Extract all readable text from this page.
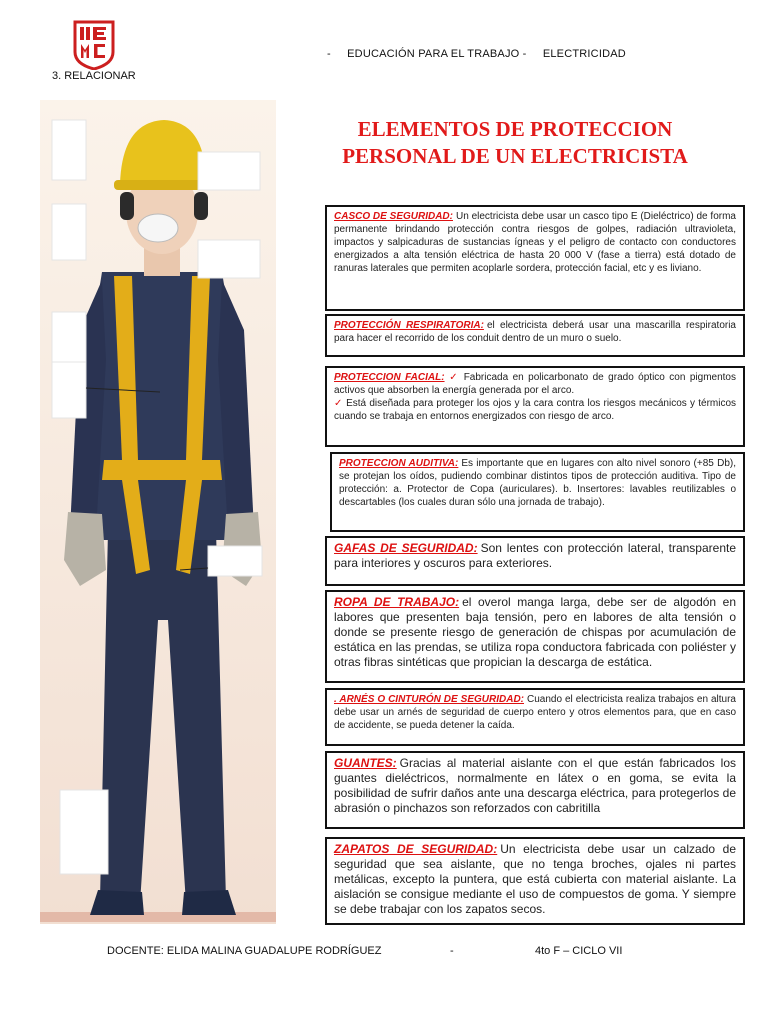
3. RELACIONAR
-     EDUCACIÓN PARA EL TRABAJO -     ELECTRICIDAD
ELEMENTOS DE PROTECCION
PERSONAL DE UN ELECTRICISTA
CASCO DE SEGURIDAD: Un electricista debe usar un casco tipo E (Dieléctrico) de forma permanente brindando protección contra riesgos de golpes, radiación ultravioleta, impactos y salpicaduras de sustancias ígneas y el peligro de contacto con conductores energizados a alta tensión eléctrica de hasta 20 000 V (fase a tierra) está dotado de ranuras laterales que permiten acoplarle sordera, protección facial, etc y es liviano.
PROTECCIÓN RESPIRATORIA: el electricista deberá usar una mascarilla respiratoria para hacer el recorrido de los conduit dentro de un muro o suelo.
PROTECCION FACIAL: ✓ Fabricada en policarbonato de grado óptico con pigmentos activos que absorben la energía generada por el arco.
✓ Está diseñada para proteger los ojos y la cara contra los riesgos mecánicos y térmicos cuando se trabaja en entornos energizados con riesgo de arco.
PROTECCION AUDITIVA: Es importante que en lugares con alto nivel sonoro (+85 Db), se protejan los oídos, pudiendo combinar distintos tipos de protección auditiva. Tipo de protección: a. Protector de Copa (auriculares). b. Insertores: lavables reutilizables o descartables (los cuales duran sólo una jornada de trabajo).
GAFAS DE SEGURIDAD: Son lentes con protección lateral, transparente para interiores y oscuros para exteriores.
ROPA DE TRABAJO: el overol manga larga, debe ser de algodón en labores que presenten baja tensión, pero en labores de alta tensión o donde se presente riesgo de generación de chispas por acumulación de estática en las prendas, se utiliza ropa conductora fabricada con poliéster y otras fibras sintéticas que propician la descarga de estática.
. ARNÉS O CINTURÓN DE SEGURIDAD: Cuando el electricista realiza trabajos en altura debe usar un arnés de seguridad de cuerpo entero y otros elementos para, que en caso de accidente, se pueda detener la caída.
GUANTES: Gracias al material aislante con el que están fabricados los guantes dieléctricos, normalmente en látex o en goma, se evita la posibilidad de sufrir daños ante una descarga eléctrica, para protegerlos de abrasión o pinchazos son reforzados con cabritilla
ZAPATOS DE SEGURIDAD: Un electricista debe usar un calzado de seguridad que sea aislante, que no tenga broches, ojales ni partes metálicas, excepto la puntera, que está cubierta con material aislante. La aislación se consigue mediante el uso de compuestos de goma. Y siempre se debe trabajar con los zapatos secos.
DOCENTE: ELIDA MALINA GUADALUPE RODRÍGUEZ	-	4to F – CICLO VII
